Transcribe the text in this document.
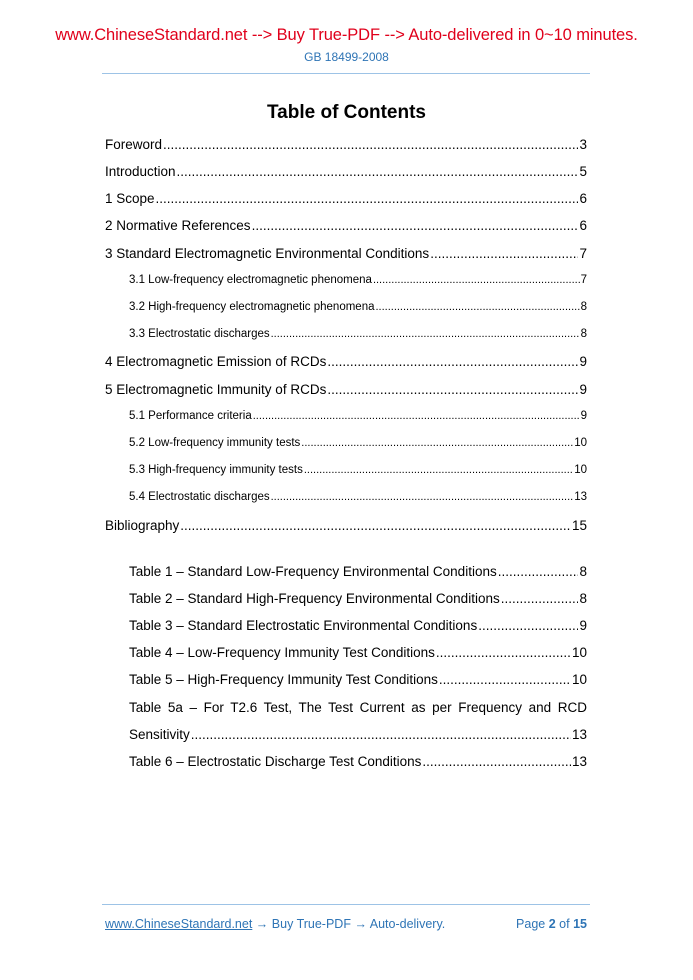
www.ChineseStandard.net --> Buy True-PDF --> Auto-delivered in 0~10 minutes.
GB 18499-2008
Table of Contents
Foreword .....	3
Introduction .....	5
1 Scope .....	6
2 Normative References .....	6
3 Standard Electromagnetic Environmental Conditions .....	7
3.1 Low-frequency electromagnetic phenomena .....	7
3.2 High-frequency electromagnetic phenomena .....	8
3.3 Electrostatic discharges .....	8
4 Electromagnetic Emission of RCDs .....	9
5 Electromagnetic Immunity of RCDs .....	9
5.1 Performance criteria .....	9
5.2 Low-frequency immunity tests .....	10
5.3 High-frequency immunity tests .....	10
5.4 Electrostatic discharges .....	13
Bibliography .....	15
Table 1 – Standard Low-Frequency Environmental Conditions .....	8
Table 2 – Standard High-Frequency Environmental Conditions .....	8
Table 3 – Standard Electrostatic Environmental Conditions .....	9
Table 4 – Low-Frequency Immunity Test Conditions .....	10
Table 5 – High-Frequency Immunity Test Conditions .....	10
Table 5a – For T2.6 Test, The Test Current as per Frequency and RCD
Sensitivity .....	13
Table 6 – Electrostatic Discharge Test Conditions .....	13
www.ChineseStandard.net → Buy True-PDF → Auto-delivery.	Page 2 of 15
